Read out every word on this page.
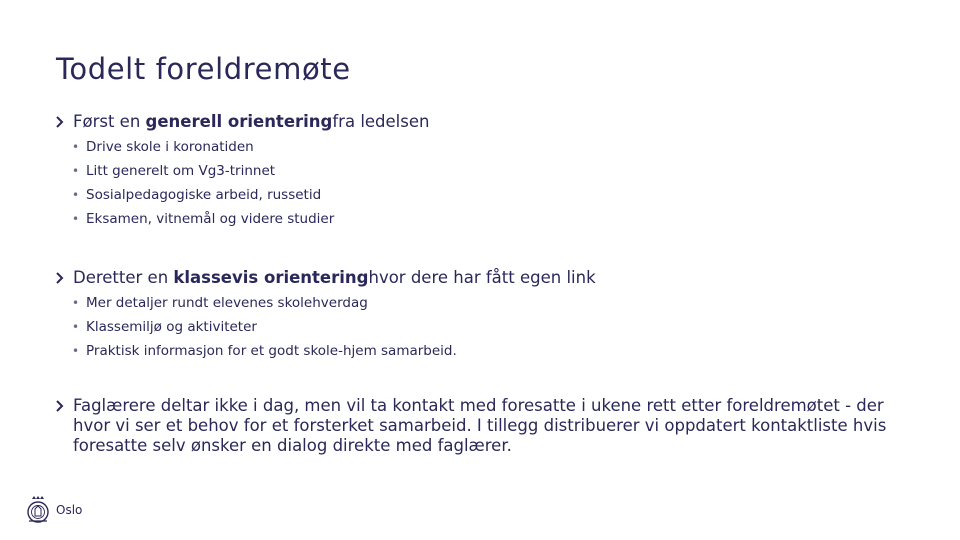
Todelt foreldremøte
Først en generell orienteringfra ledelsen
• Drive skole i koronatiden
• Litt generelt om Vg3-trinnet
• Sosialpedagogiske arbeid, russetid
• Eksamen, vitnemål og videre studier
Deretter en klassevis orienteringhvor dere har fått egen link
• Mer detaljer rundt elevenes skolehverdag
• Klassemiljø og aktiviteter
• Praktisk informasjon for et godt skole-hjem samarbeid.
Faglærere deltar ikke i dag, men vil ta kontakt med foresatte i ukene rett etter foreldremøtet - der hvor vi ser et behov for et forsterket samarbeid. I tillegg distribuerer vi oppdatert kontaktliste hvis foresatte selv ønsker en dialog direkte med faglærer.
Oslo
